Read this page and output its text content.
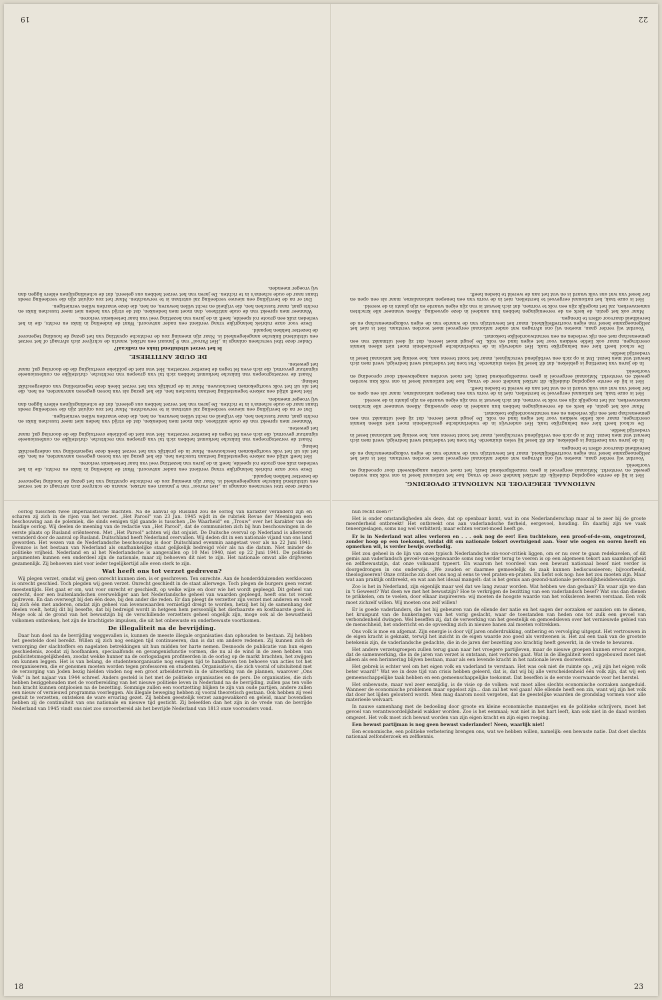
NATIONAAL EERGEVOEL EN NATIONALE OPVOEDING.

Het is bij de eerste oogopslag duidelijk: dit artikel handelt over de vraag, hoe het nationaal besef in ons volk kan worden gewekt en versterkt. Nationaal eergevoel is geen vanzelfsprekend bezit; het moet worden aangekweekt door opvoeding en voorbeeld.

Voordat wij verder gaan, moeten wij ons afvragen wat onder nationaal eergevoel moet worden verstaan. Het is niet het zelfgenoegzame besef van eigen voortreffelijkheid, maar het bewustzijn van de waarde van de eigen volksgemeenschap en de bereidheid daarvoor offers te brengen.

In de jaren van bezetting is gebleken, dat dit besef bij velen sluimerde. Pas toen het vaderland werd bedreigd, werd men zich bewust wat men bezat. Dat is op zich een verblijdend verschijnsel, maar het toont tevens aan, hoe weinig het nationaal besef in vredestijd leefde.

De school heeft hier een belangrijke taak. Het onderwijs in de vaderlandsche geschiedenis moet niet alleen kennis overdragen, maar ook liefde wekken voor het eigen land en volk. De jeugd moet leeren, dat zij deel uitmaakt van een gemeenschap met een rijk verleden en een verantwoordelijke toekomst.

Maar ook het gezin, de kerk en de vereenigingen hebben hun aandeel in deze opvoeding. Alleen wanneer alle krachten samenwerken, zal het mogelijk zijn een volk te vormen, dat zich bewust is van zijn eigen waarde en zijn plaats in de wereld.

Het is onze taak, het nationaal eergevoel te herstellen, niet in de vorm van een benepen nationalisme, maar als een open en fier besef van wat ons volk waard is en wat het aan de wereld te bieden heeft.

Het is bij de eerste oogopslag duidelijk: dit artikel handelt over de vraag, hoe het nationaal besef in ons volk kan worden gewekt en versterkt. Nationaal eergevoel is geen vanzelfsprekend bezit; het moet worden aangekweekt door opvoeding en voorbeeld.

In de jaren van bezetting is gebleken, dat dit besef bij velen sluimerde. Pas toen het vaderland werd bedreigd, werd men zich bewust wat men bezat. Dat is op zich een verblijdend verschijnsel, maar het toont tevens aan, hoe weinig het nationaal besef in vredestijd leefde.

De school heeft hier een belangrijke taak. Het onderwijs in de vaderlandsche geschiedenis moet niet alleen kennis overdragen, maar ook liefde wekken voor het eigen land en volk. De jeugd moet leeren, dat zij deel uitmaakt van een gemeenschap met een rijk verleden en een verantwoordelijke toekomst.

Voordat wij verder gaan, moeten wij ons afvragen wat onder nationaal eergevoel moet worden verstaan. Het is niet het zelfgenoegzame besef van eigen voortreffelijkheid, maar het bewustzijn van de waarde van de eigen volksgemeenschap en de bereidheid daarvoor offers te brengen.

Maar ook het gezin, de kerk en de vereenigingen hebben hun aandeel in deze opvoeding. Alleen wanneer alle krachten samenwerken, zal het mogelijk zijn een volk te vormen, dat zich bewust is van zijn eigen waarde en zijn plaats in de wereld.

Het is onze taak, het nationaal eergevoel te herstellen, niet in de vorm van een benepen nationalisme, maar als een open en fier besef van wat ons volk waard is en wat het aan de wereld te bieden heeft.

22

Onder deze titel verscheen onlangs in „Het Parool" van 9 Januari een artikel, waarin de schrijver zich afvraagt of het verzet een uitsluitend linksche aangelegenheid is. Naar zijn meening zou de rechtsche opvatting van het gezag de houding tegenover de bezetter hebben bepaald.

Deze voor onze rubriek belangrijke vraag verdient een nader antwoord. Want de indeeling in links en rechts, die in het verleden zulk een groote rol speelde, heeft in de jaren van bezetting veel van haar beteekenis verloren.

Het heeft altijd een zekere tegenstelling bestaan tusschen hen, die het gezag als van boven gegeven aanvaarden, en hen, die het als uit het volk voortgekomen beschouwen. Maar in de praktijk van het verzet bleek deze tegenstelling van ondergeschikt belang.

Naast de verzetsgroepen van linksche herkomst hebben zich tal van groepen van rechtsche, christelijke en confessioneele signatuur gevormd, die zich even fel tegen de bezetter verzetten. Het was niet de politieke overtuiging die de doorslag gaf, maar het geweten.

Wanneer men spreekt van de oude antithese, dan moet men bedenken, dat de strijd van heden niet meer tusschen links en rechts gaat, maar tusschen hen, die vrijheid en recht willen bewaren, en hen, die deze waarden willen vernietigen.

Dat er na de bevrijding een nieuwe verdeeling zal ontstaan is te verwachten. Maar het zou onjuist zijn die verdeeling reeds thans naar de oude schema's in te richten. De jaren van het verzet hebben ons geleerd, dat de scheidingslijnen elders liggen dan wij vroeger meenden.

Het heeft altijd een zekere tegenstelling bestaan tusschen hen, die het gezag als van boven gegeven aanvaarden, en hen, die het als uit het volk voortgekomen beschouwen. Maar in de praktijk van het verzet bleek deze tegenstelling van ondergeschikt belang.

Naast de verzetsgroepen van linksche herkomst hebben zich tal van groepen van rechtsche, christelijke en confessioneele signatuur gevormd, die zich even fel tegen de bezetter verzetten. Het was niet de politieke overtuiging die de doorslag gaf, maar het geweten.

DE OUDE ANTITHESE.

Is het verzet uitsluitend links en radicaal?

Onder deze titel verscheen onlangs in „Het Parool" van 9 Januari een artikel, waarin de schrijver zich afvraagt of het verzet een uitsluitend linksche aangelegenheid is. Naar zijn meening zou de rechtsche opvatting van het gezag de houding tegenover de bezetter hebben bepaald.

Deze voor onze rubriek belangrijke vraag verdient een nader antwoord. Want de indeeling in links en rechts, die in het verleden zulk een groote rol speelde, heeft in de jaren van bezetting veel van haar beteekenis verloren.

Wanneer men spreekt van de oude antithese, dan moet men bedenken, dat de strijd van heden niet meer tusschen links en rechts gaat, maar tusschen hen, die vrijheid en recht willen bewaren, en hen, die deze waarden willen vernietigen.

Dat er na de bevrijding een nieuwe verdeeling zal ontstaan is te verwachten. Maar het zou onjuist zijn die verdeeling reeds thans naar de oude schema's in te richten. De jaren van het verzet hebben ons geleerd, dat de scheidingslijnen elders liggen dan wij vroeger meenden.

19

oorlog tusschen twee imperialistische machten. Na de aanval op Rusland zou de oorlog van karakter veranderd zijn en scharen zij zich in de rijen van het verzet. „Het Parool" van 23 Jan. 1945 wijdt in de rubriek Revue der Meeningen een beschouwing aan de polemiek, die sinds eenigen tijd gaande is tusschen „De Waarheid" en „Trouw" over het karakter van de huidige oorlog. Wij deelen de meening van de redactie van „Het Parool", dat de communisten zich bij hun beschouwingen in de eerste plaats op Rusland oriënteeren. Met „Het Parool" achten wij dat onjuist. De Duitsche overval op Nederland is allereerst veranderd door de aanval op Rusland. Duitschland heeft Nederland overvallen. Wij deden dit in een nationale vijand van ons land geworden. Het wezen van de Nederlandsche beschouwing is door Duitschland evenmin aangetast voor als na 22 Juni 1941. Evenzoo is het bestaan van Nederland als onafhankelijke staat gelijkelijk bedreigd vóór als na die datum. Niet minder de politieke vrijheid. Nederland en al het Nederlandsche is aangevallen op 10 Mei 1940, niet op 22 Juni 1941. De politieke argumenten kunnen een onderdeel zijn de nationale, maar zij behoeven dit niet te zijn. Het nationale omvat alle drijfveren gezamenlijk. Zij behoeven niet voor ieder tegelijkertijd alle even sterk te zijn.

Wat heeft ons tot verzet gedreven?

Wij plegen verzet, omdat wij geen onrecht kunnen zien, is er geschreven. Ten onrechte. Aan de honderdduizenden werkloozen is onrecht geschied. Toch plegden wij geen verzet. Onrecht geschiedt in de staat allerwege. Toch plegen de burgers geen verzet meestentijds. Het gaat er om, wat voor onrecht er geschiedt, op welke wijze en door wie het wordt gepleegd. Dit geheel van onrecht, door een buitenlandschen overweldiger aan het Nederlandsche geheel van waarden gepleegd, heeft ons tot verzet gedreven. En dan overwegt bij den één deze, bij den ander die reden. Er dan pleegt de verzetter zijn verzet met anderen en voelt hij zich één met anderen, omdat zijn geheel van levenswaarden vernietigd dreigt te worden, hetzij het bij de samenhang der deelen voelt, hetzij dit bij besefte, dat bij bedreigd wordt in hetgeen hem persoonlijk het dierbaarste en kostbaarste goed is. Moge ook al de grond van het bewustzijn bij de verschillende verzetters geheel ongelijk zijn, moge ook al de bewustheid volkomen ontbreken, het zijn de krachtigste impulsen, die uit het onbewuste en onderbewuste voortkomen.

De illegaliteit na de bevrijding.

Daar hun doel na de bevrijding weggevallen is, kunnen de meeste illegale organisaties dan ophouden te bestaan. Zij hebben het geestelde doel bereikt. Willen zij zich nog eenigen tijd continueeren, dan is dat om andere redenen. Zij kunnen zich de verzorging der slachtoffers en nagelaten betrekkingen uit hun midden ter harte nemen. Desnoods de publicatie van hun eigen geschiedenis, zoodat zij hoofbanken, speciaalfonds en gevangenisfunctie vormen, die nu al de wind in de zeen hebben van publicitetsmogelijkheden, zoodat wekke hunner na de oorlogsdagen profiteerden in de oorlog op de markt brachten, het zwijgen om kunnen leggen. Het is van belang, de studentenorganisatie nog eenigen tijd te handhaven ten behoeve van acties tot het reorganiseeren, die er genomen moeten worden tegen professoren en studenten. Organisatie's, die zich vooral of uitsluitend met de verzorging van Joden bezig hielden vinden nog een groot arbeidsterrein in de uitwerking van de plannen, waarover „Ons Volk" in het najaar van 1944 schreef. Anders gesteld is het met de politieke organisaties en de pers. De organisaties, die zich hebben beziggehouden met de voorbereiding van het nieuwe politieke leven in Nederland na de bevrijding, zullen pas ten volle hun kracht kunnen ontplooien na de bezetting. Sommige zullen een voortzetting blijken te zijn van oude partijen, andere zullen een nieuw of vernieuwd programma voorleggen. Als illegale beweging hebben zij vooral theoretisch gestaan. Ook hebben zij veel gestuit te verzetten, ontsteken de ware ervaring gezet. Zij hebben geestelijk verzet aangewakkerd en geleid, maar bovendien hebben zij de continuïteit van ons nationale en nieuwe tijd gesticht. Zij beleefden dan het zijn in de vrede van de bevrijde Nederland van 1945 vindt ons niet zoo onvoorbereid als het bevrijde Nederland van 1813 onze voorouders vond.

18

hun recht doen?!"

Het is onder omstandigheden als deze, dat op openbaar komt, wat in ons Nederlanderschap maar al te zeer bij de groote meerderheid ontbreekt! Het ontbreekt ons aan vaderlandsche fierheid, eergevoel, houding. En daarbij zijn we vaak teneergeslagen, soms nog wel verbitterd; maar echten verzet-moed heeft ge.

Er is in Nederland wat alles verloren en . . . ook nog de eer! Een tuchteloze, een proof-of-de-om, ongetrouwd, zonder hoop op een toekomst, totdat dit om nationale tekort overtuigend aan. Voor wie oogen en ooren heeft en opmerken wil, is verder bewijs overbodig.

Het zou geheel in de lijn van onze typisch Nederlandsche zin-voor-critiek liggen, om er nu over te gaan redekavelen, of dit gemis aan vaderlandsch gevoel-van-eigenwaarde soms nog verder terug te voeren is op een algemeen tekort aan saamhorigheid en zelfbewustzijn, dat onze volksaard typeert. En waarom het voordeel van een bewust nationaal besef niet verder is doorgedrongen in ons onderwijs. „We zouden er daarmee gemoedelijk de zaak kunnen bediscussieeren; bijvoorbeeld, theologiseeren! Onze critische zin doet ons nog al eens te veel praten-en-praten. En liefst ook nog: hoe het zou moeten zijn. Maar wat aan praktijk ontbreekt, en wat aan het ideaal mangelt: dat is het gemis aan gezond-nationale persoonlijkheidsbewustzijn.

Zoo is het in Nederland, zijn eigenlijk maar wel dat we lang zwaar worden. Wat hebben we dan gedaan? En waar zijn we dan in 't Geweest? Wat doen we met het bewustzijn? Hoe te verkrijgen de bezitting van een vaderlandsch besef? Wat ons dan dienen te prikkelen, om te voelen, door elkaar inspireeren: wij moeten de hoogste waarde van het volksleven leeren verstaan. Een volk moet zichzelf willen. Wij moeten ons zelf willen!

Er is goede vaderlanders, die het bij gebeuren van de ellende der natie en het sagen der oorzaken er aanzien om te dienen, het kruispunt van de hunkeringen van het vorig geslacht, waar de toestanden van heden ons tot zulk een gevoel van verbondenheid dwingen. Wel beseffen zij, dat de verwerking van het geestelijk en gemoedsleven over het vernieuwde gebied van de menschheid, het onderricht en de opvoeding zich in nieuwe banen zal moeten voltrekken.

Ons volk is moe en afgemat. Zijn energie is door vijf jaren onderdrukking, ontbering en vervolging uitgeput. Het vertrouwen in de eigen kracht is geknakt, terwijl het inzicht in de eigen waarde zoo goed als verdwenen is. Het zal een taak van de grootste betekenis zijn, de vaderlandsche gedachte, die in de jaren der bezetting zoo krachtig heeft gewerkt, in de vrede te bewaren.

Het andere verzetsgroepen zullen terug gaan naar het vroegere partijleven, maar de nieuwe groepen kunnen ervoor zorgen, dat de samenwerking, die in de jaren van verzet is ontstaan, niet verloren gaat. Wat in de illegaliteit werd opgebouwd moet niet alleen als een herinnering blijven bestaan, maar als een levende kracht in het nationale leven doorwerken.

Het gebrek is echter wel om het eigen volk en vaderland te verstaan. Het was ook niet de ruimte op: „wij zijn het eigen volk beter waard!" Wat we in deze tijd van crisis hebben geleerd, dat is, dat wij bij alle verscheidenheid één volk zijn, dat wij een gemeenschappelijke taak hebben en een gemeenschappelijke toekomst. Dat beseffen is de eerste voorwaarde voor het herstel.

Het onbewuste, maar wel zeer eenzijdig, is de visie op de volken: wat moet alles slechts economische oorzaken aangeduid. Wanneer de economische problemen maar opgelost zijn... dan zal het wel gaan! Alle ellende heeft een zin, want wij zijn het volk dat door het lijden gelouterd wordt. Men mag daarom nooit vergeten, dat de geestelijke waarden de grondslag vormen voor alle materieele welvaart.

In nauwe samenhang met de bedoeling door groote en kleine economische mannetjes en de politieke schrijvers, moet het gevoel van verantwoordelijkheid wakker worden. Zoo is het eenmaal; wat niet in het hart leeft, kan ook niet in de daad worden omgezet. Het volk moet zich bewust worden van zijn eigen kracht en zijn eigen roeping.

Een bewust partijman is nog geen bewust vaderlander! Neen, waarlijk niet!

Een economische, een politieke verbetering brengen ons, wat we hebben willen, namelijk: een bewuste natie. Dat doet slechts nationaal zelfonderzoek en zelfkennis.

23
